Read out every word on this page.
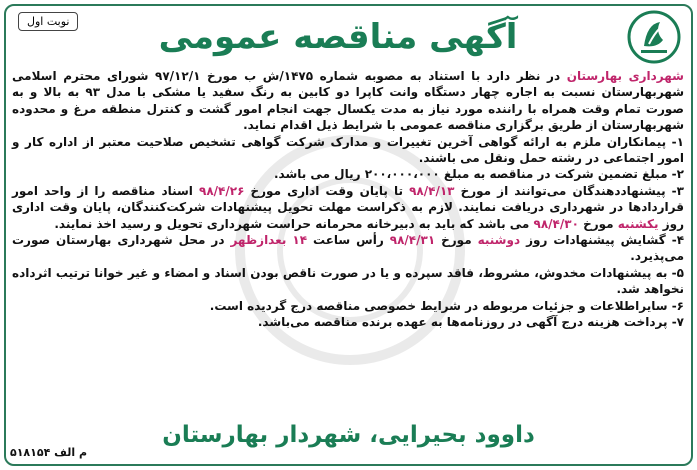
نوبت اول	آگهی مناقصه عمومی

شهرداری بهارستان در نظر دارد با استناد به مصوبه شماره ۱۴۷۵/ش ب مورخ ۹۷/۱۲/۱ شورای محترم اسلامی شهربهارستان نسبت به اجاره چهار دستگاه وانت کاپرا دو کابین به رنگ سفید یا مشکی با مدل ۹۳ به بالا و به صورت تمام وقت همراه با راننده مورد نیاز به مدت یکسال جهت انجام امور گشت و کنترل منطقه مرغ و محدوده شهربهارستان از طریق برگزاری مناقصه عمومی با شرایط ذیل اقدام نماید.

۱- پیمانکاران ملزم به ارائه گواهی آخرین تغییرات و مدارک شرکت گواهی تشخیص صلاحیت معتبر از اداره کار و امور اجتماعی در رشته حمل ونقل می باشند.

۲- مبلغ تضمین شرکت در مناقصه به مبلغ ۲۰۰،۰۰۰،۰۰۰ ریال می باشد.

۳- پیشنهاددهندگان می‌توانند از مورخ ۹۸/۴/۱۳ تا پایان وقت اداری مورخ ۹۸/۴/۲۶ اسناد مناقصه را از واحد امور قراردادها در شهرداری دریافت نمایند. لازم به ذکراست مهلت تحویل پیشنهادات شرکت‌کنندگان، پایان وقت اداری روز یکشنبه مورخ ۹۸/۴/۳۰ می باشد که باید به دبیرخانه محرمانه حراست شهرداری تحویل و رسید اخذ نمایند.

۴- گشایش پیشنهادات روز دوشنبه مورخ ۹۸/۴/۳۱ رأس ساعت ۱۴ بعدازظهر در محل شهرداری بهارستان صورت می‌پذیرد.

۵- به پیشنهادات مخدوش، مشروط، فاقد سپرده و یا در صورت ناقص بودن اسناد و امضاء و غیر خوانا ترتیب اثرداده نخواهد شد.

۶- سایراطلاعات و جزئیات مربوطه در شرایط خصوصی مناقصه درج گردیده است.

۷- پرداخت هزینه درج آگهی در روزنامه‌ها به عهده برنده مناقصه می‌باشد.

داوود بحیرایی، شهردار بهارستان
م الف ۵۱۸۱۵۴
